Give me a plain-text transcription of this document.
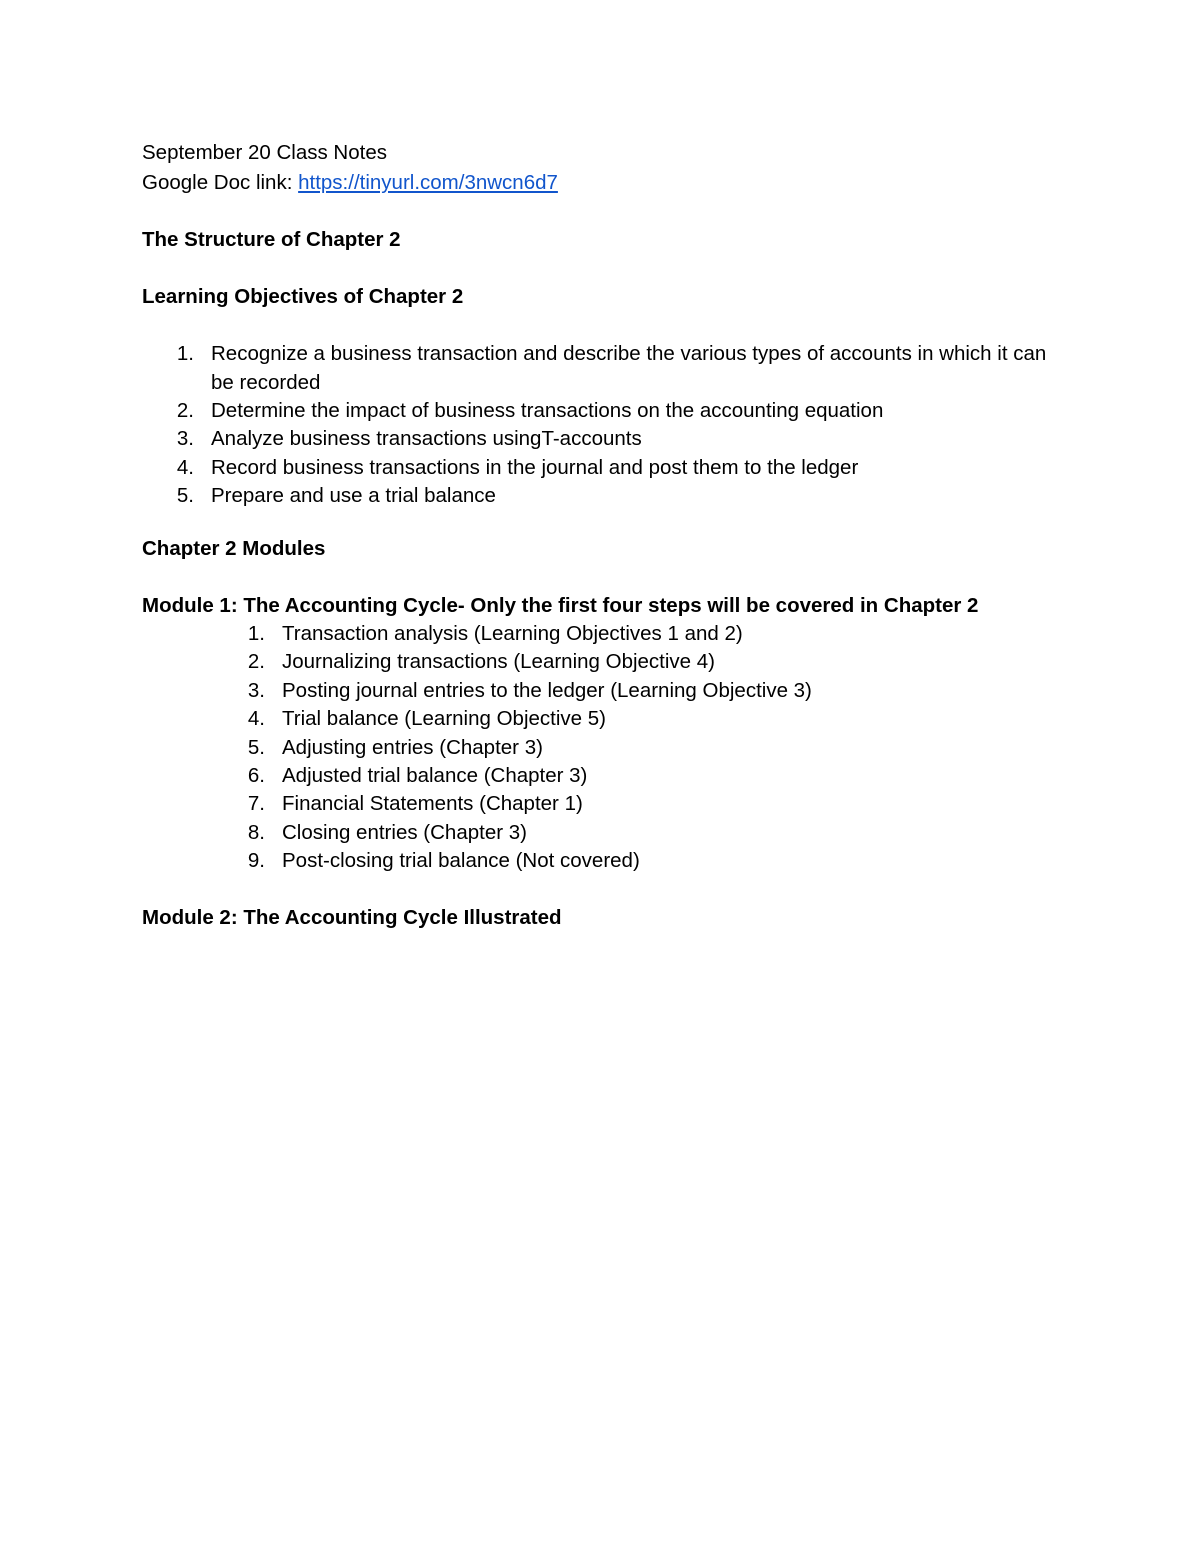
September 20 Class Notes
Google Doc link: https://tinyurl.com/3nwcn6d7
The Structure of Chapter 2
Learning Objectives of Chapter 2
1. Recognize a business transaction and describe the various types of accounts in which it can be recorded
2. Determine the impact of business transactions on the accounting equation
3. Analyze business transactions usingT-accounts
4. Record business transactions in the journal and post them to the ledger
5. Prepare and use a trial balance
Chapter 2 Modules
Module 1: The Accounting Cycle- Only the first four steps will be covered in Chapter 2
1. Transaction analysis (Learning Objectives 1 and 2)
2. Journalizing transactions (Learning Objective 4)
3. Posting journal entries to the ledger (Learning Objective 3)
4. Trial balance (Learning Objective 5)
5. Adjusting entries (Chapter 3)
6. Adjusted trial balance (Chapter 3)
7. Financial Statements (Chapter 1)
8. Closing entries (Chapter 3)
9. Post-closing trial balance (Not covered)
Module 2: The Accounting Cycle Illustrated
